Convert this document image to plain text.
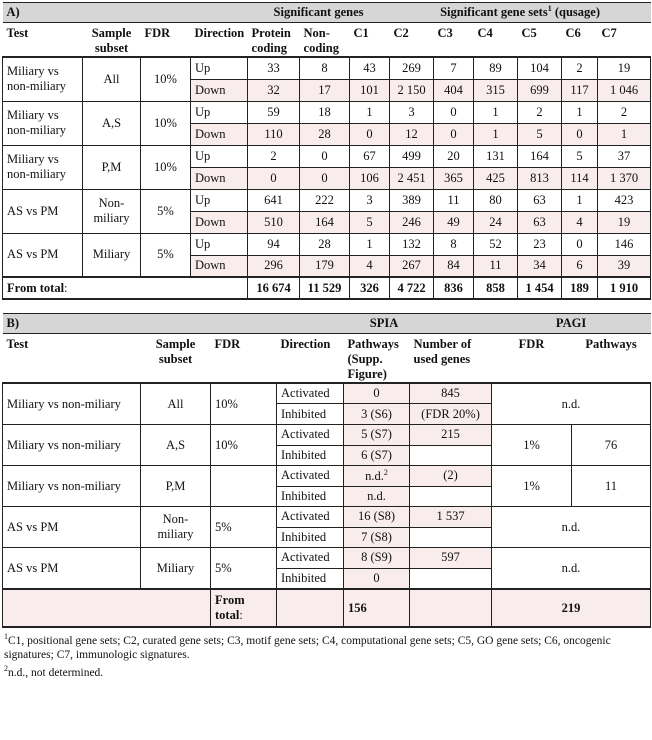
A)				Significant genes			Significant gene sets$^1$ (qusage)					
Test	Sample subset	FDR	Direction	Protein coding	Non-coding	C1	C2	C3	C4	C5	C6	C7
Miliary vs non-miliary	All	10%	Up	33	8	43	269	7	89	104	2	19
			Down	32	17	101	2 150	404	315	699	117	1 046
Miliary vs non-miliary	A,S	10%	Up	59	18	1	3	0	1	2	1	2
			Down	110	28	0	12	0	1	5	0	1
Miliary vs non-miliary	P,M	10%	Up	2	0	67	499	20	131	164	5	37
			Down	0	0	106	2 451	365	425	813	114	1 370
AS vs PM	Non-miliary	5%	Up	641	222	3	389	11	80	63	1	423
			Down	510	164	5	246	49	24	63	4	19
AS vs PM	Miliary	5%	Up	94	28	1	132	8	52	23	0	146
			Down	296	179	4	267	84	11	34	6	39
From total:				16 674	11 529	326	4 722	836	858	1 454	189	1 910
B)			SPIA			PAGI	
Test	Sample subset	FDR	Direction	Pathways (Supp. Figure)	Number of used genes	FDR	Pathways
Miliary vs non-miliary	All	10%	Activated	0	845	n.d.	
			Inhibited	3 (S6)	(FDR 20%)		
Miliary vs non-miliary	A,S	10%	Activated	5 (S7)	215	1%	76
			Inhibited	6 (S7)			
Miliary vs non-miliary	P,M		Activated	n.d.$^2$	(2)	1%	11
			Inhibited	n.d.			
AS vs PM	Non-miliary	5%	Activated	16 (S8)	1 537	n.d.	
			Inhibited	7 (S8)			
AS vs PM	Miliary	5%	Activated	8 (S9)	597	n.d.	
			Inhibited	0			
		From total:		156		219	
$^1$C1, positional gene sets; C2, curated gene sets; C3, motif gene sets; C4, computational gene sets; C5, GO gene sets; C6, oncogenic signatures; C7, immunologic signatures.
$^2$n.d., not determined.
